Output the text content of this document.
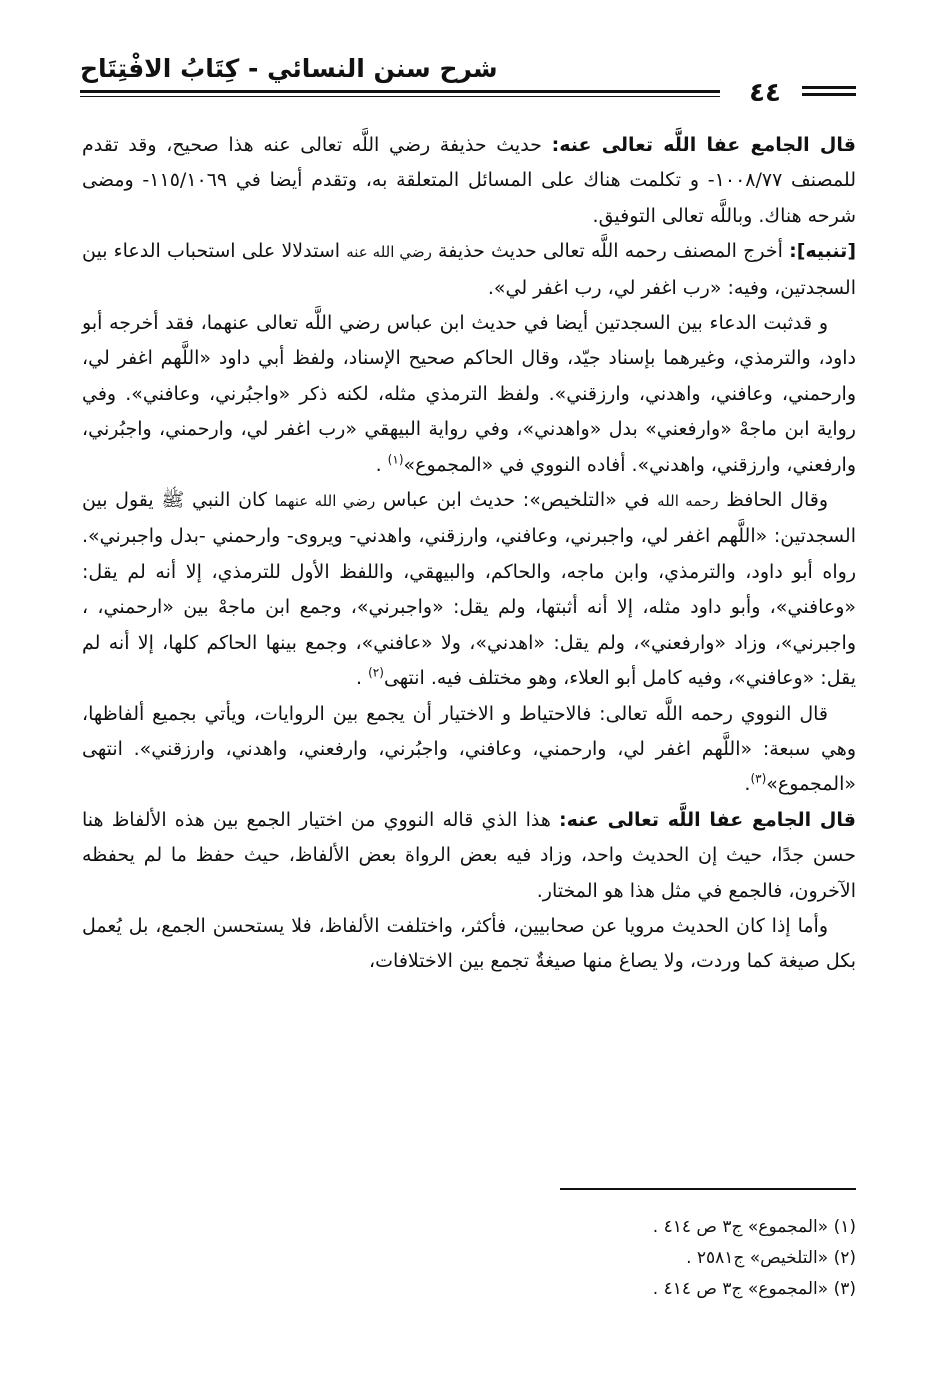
شرح سنن النسائي - كِتَابُ الافْتِتَاح
٤٤

قال الجامع عفا اللَّه تعالى عنه: حديث حذيفة رضي اللَّه تعالى عنه هذا صحيح، وقد تقدم للمصنف ١٠٠٨/٧٧- و تكلمت هناك على المسائل المتعلقة به، وتقدم أيضا في ١١٥/١٠٦٩- ومضى شرحه هناك. وباللَّه تعالى التوفيق.

[تنبيه]: أخرج المصنف رحمه اللَّه تعالى حديث حذيفة رضي الله عنه استدلالا على استحباب الدعاء بين السجدتين، وفيه: «رب اغفر لي، رب اغفر لي».

و قدثبت الدعاء بين السجدتين أيضا في حديث ابن عباس رضي اللَّه تعالى عنهما، فقد أخرجه أبو داود، والترمذي، وغيرهما بإسناد جيّد، وقال الحاكم صحيح الإسناد، ولفظ أبي داود «اللَّهم اغفر لي، وارحمني، وعافني، واهدني، وارزقني». ولفظ الترمذي مثله، لكنه ذكر «واجبُرني، وعافني». وفي رواية ابن ماجهْ «وارفعني» بدل «واهدني»، وفي رواية البيهقي «رب اغفر لي، وارحمني، واجبُرني، وارفعني، وارزقني، واهدني». أفاده النووي في «المجموع»$^{(١)}$ .

وقال الحافظ رحمه الله في «التلخيص»: حديث ابن عباس رضي الله عنهما كان النبي ﷺ يقول بين السجدتين: «اللَّهم اغفر لي، واجبرني، وعافني، وارزقني، واهدني- ويروى- وارحمني -بدل واجبرني». رواه أبو داود، والترمذي، وابن ماجه، والحاكم، والبيهقي، واللفظ الأول للترمذي، إلا أنه لم يقل: «وعافني»، وأبو داود مثله، إلا أنه أثبتها، ولم يقل: «واجبرني»، وجمع ابن ماجهْ بين «ارحمني، ، واجبرني»، وزاد «وارفعني»، ولم يقل: «اهدني»، ولا «عافني»، وجمع بينها الحاكم كلها، إلا أنه لم يقل: «وعافني»، وفيه كامل أبو العلاء، وهو مختلف فيه. انتهى$^{(٢)}$ .

قال النووي رحمه اللَّه تعالى: فالاحتياط و الاختيار أن يجمع بين الروايات، ويأتي بجميع ألفاظها، وهي سبعة: «اللَّهم اغفر لي، وارحمني، وعافني، واجبُرني، وارفعني، واهدني، وارزقني». انتهى «المجموع»$^{(٣)}$.

قال الجامع عفا اللَّه تعالى عنه: هذا الذي قاله النووي من اختيار الجمع بين هذه الألفاظ هنا حسن جدًا، حيث إن الحديث واحد، وزاد فيه بعض الرواة بعض الألفاظ، حيث حفظ ما لم يحفظه الآخرون، فالجمع في مثل هذا هو المختار.

وأما إذا كان الحديث مرويا عن صحابيين، فأكثر، واختلفت الألفاظ، فلا يستحسن الجمع، بل يُعمل بكل صيغة كما وردت، ولا يصاغ منها صيغةٌ تجمع بين الاختلافات،

(١) «المجموع» ج٣ ص ٤١٤ .

(٢) «التلخيص» ج٢٥٨١ .

(٣) «المجموع» ج٣ ص ٤١٤ .
